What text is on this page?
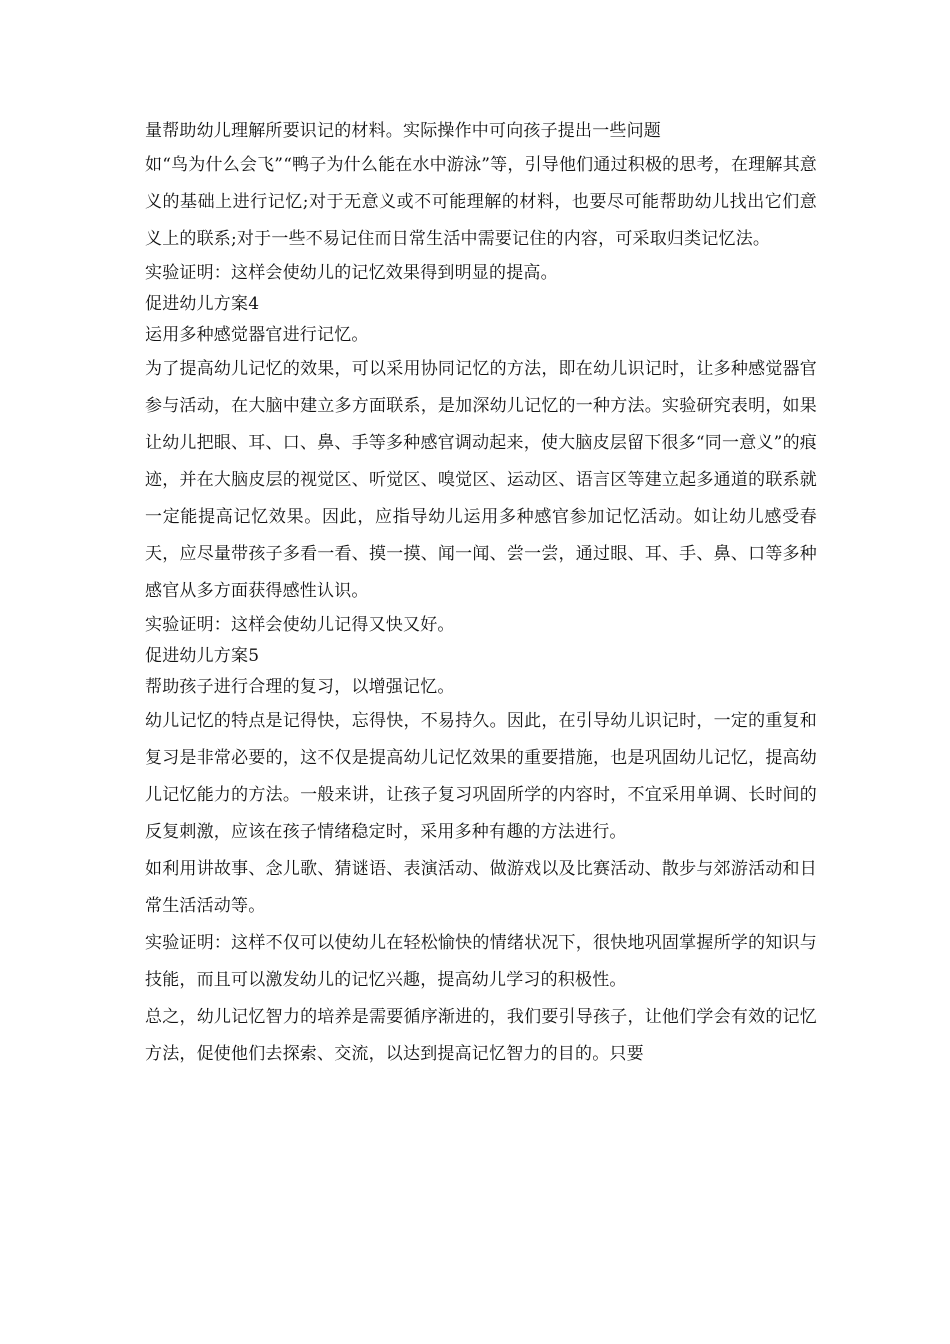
量帮助幼儿理解所要识记的材料。实际操作中可向孩子提出一些问题

如“鸟为什么会飞”“鸭子为什么能在水中游泳”等，引导他们通过积极的思考，在理解其意义的基础上进行记忆;对于无意义或不可能理解的材料，也要尽可能帮助幼儿找出它们意义上的联系;对于一些不易记住而日常生活中需要记住的内容，可采取归类记忆法。

实验证明：这样会使幼儿的记忆效果得到明显的提高。

促进幼儿方案4

运用多种感觉器官进行记忆。

为了提高幼儿记忆的效果，可以采用协同记忆的方法，即在幼儿识记时，让多种感觉器官参与活动，在大脑中建立多方面联系，是加深幼儿记忆的一种方法。实验研究表明，如果让幼儿把眼、耳、口、鼻、手等多种感官调动起来，使大脑皮层留下很多“同一意义”的痕迹，并在大脑皮层的视觉区、听觉区、嗅觉区、运动区、语言区等建立起多通道的联系就一定能提高记忆效果。因此，应指导幼儿运用多种感官参加记忆活动。如让幼儿感受春天，应尽量带孩子多看一看、摸一摸、闻一闻、尝一尝，通过眼、耳、手、鼻、口等多种感官从多方面获得感性认识。

实验证明：这样会使幼儿记得又快又好。

促进幼儿方案5

帮助孩子进行合理的复习，以增强记忆。

幼儿记忆的特点是记得快，忘得快，不易持久。因此，在引导幼儿识记时，一定的重复和复习是非常必要的，这不仅是提高幼儿记忆效果的重要措施，也是巩固幼儿记忆，提高幼儿记忆能力的方法。一般来讲，让孩子复习巩固所学的内容时，不宜采用单调、长时间的反复刺激，应该在孩子情绪稳定时，采用多种有趣的方法进行。

如利用讲故事、念儿歌、猜谜语、表演活动、做游戏以及比赛活动、散步与郊游活动和日常生活活动等。

实验证明：这样不仅可以使幼儿在轻松愉快的情绪状况下，很快地巩固掌握所学的知识与技能，而且可以激发幼儿的记忆兴趣，提高幼儿学习的积极性。

总之，幼儿记忆智力的培养是需要循序渐进的，我们要引导孩子，让他们学会有效的记忆方法，促使他们去探索、交流，以达到提高记忆智力的目的。只要
